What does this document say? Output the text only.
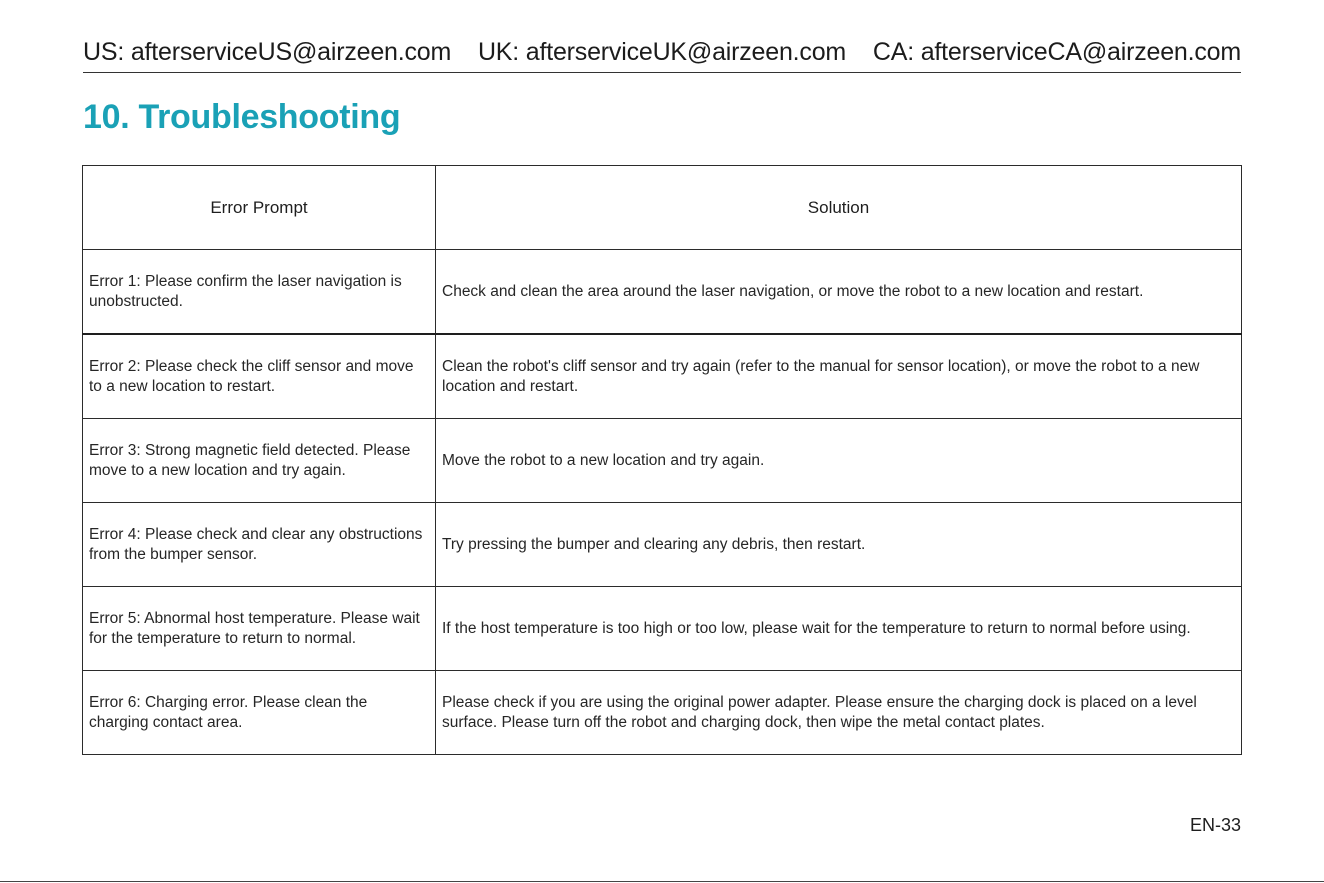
US: afterserviceUS@airzeen.com UK: afterserviceUK@airzeen.com CA: afterserviceCA@airzeen.com
10. Troubleshooting
Error Prompt	Solution
Error 1: Please confirm the laser navigation is unobstructed.	Check and clean the area around the laser navigation, or move the robot to a new location and restart.
Error 2: Please check the cliff sensor and move to a new location to restart.	Clean the robot's cliff sensor and try again (refer to the manual for sensor location), or move the robot to a new location and restart.
Error 3: Strong magnetic field detected. Please move to a new location and try again.	Move the robot to a new location and try again.
Error 4: Please check and clear any obstructions from the bumper sensor.	Try pressing the bumper and clearing any debris, then restart.
Error 5: Abnormal host temperature. Please wait for the temperature to return to normal.	If the host temperature is too high or too low, please wait for the temperature to return to normal before using.
Error 6: Charging error. Please clean the charging contact area.	Please check if you are using the original power adapter. Please ensure the charging dock is placed on a level surface. Please turn off the robot and charging dock, then wipe the metal contact plates.
EN-33
